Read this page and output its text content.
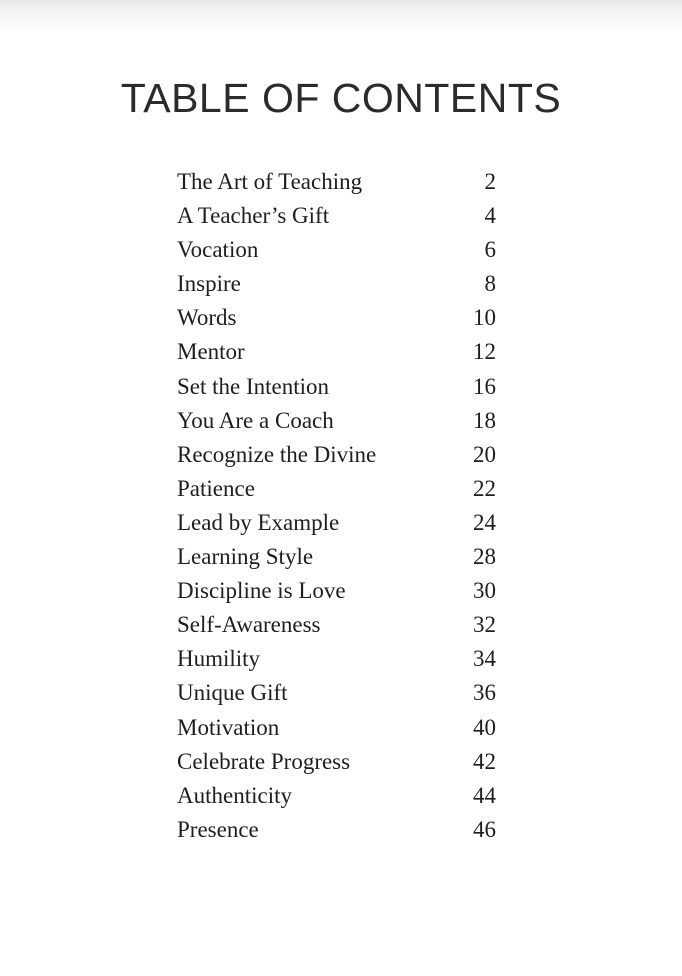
TABLE OF CONTENTS
The Art of Teaching	2
A Teacher’s Gift	4
Vocation	6
Inspire	8
Words	10
Mentor	12
Set the Intention	16
You Are a Coach	18
Recognize the Divine	20
Patience	22
Lead by Example	24
Learning Style	28
Discipline is Love	30
Self-Awareness	32
Humility	34
Unique Gift	36
Motivation	40
Celebrate Progress	42
Authenticity	44
Presence	46
